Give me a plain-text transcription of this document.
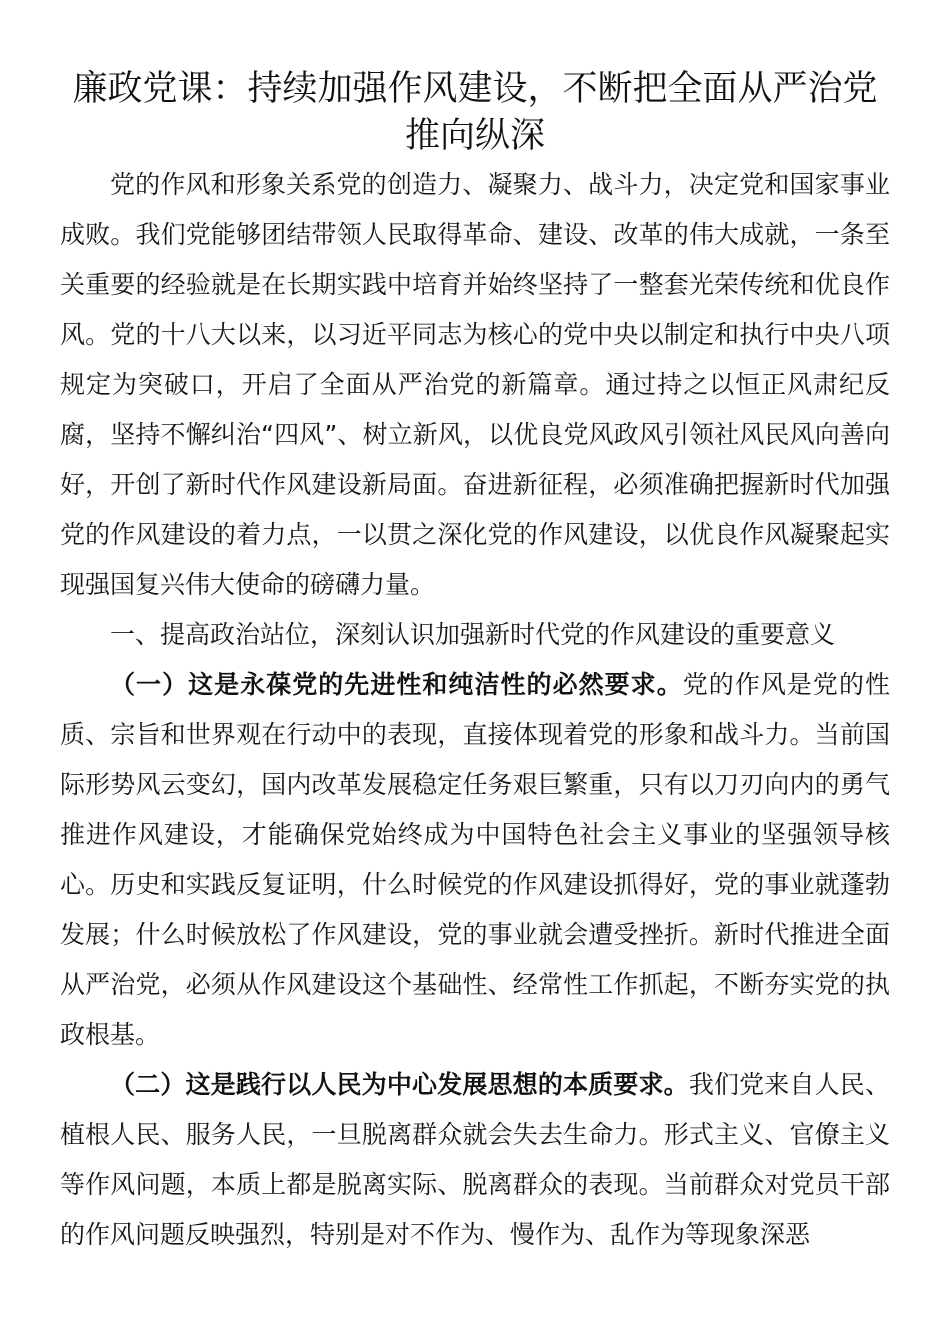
廉政党课：持续加强作风建设，不断把全面从严治党推向纵深

党的作风和形象关系党的创造力、凝聚力、战斗力，决定党和国家事业成败。我们党能够团结带领人民取得革命、建设、改革的伟大成就，一条至关重要的经验就是在长期实践中培育并始终坚持了一整套光荣传统和优良作风。党的十八大以来，以习近平同志为核心的党中央以制定和执行中央八项规定为突破口，开启了全面从严治党的新篇章。通过持之以恒正风肃纪反腐，坚持不懈纠治“四风”、树立新风，以优良党风政风引领社风民风向善向好，开创了新时代作风建设新局面。奋进新征程，必须准确把握新时代加强党的作风建设的着力点，一以贯之深化党的作风建设，以优良作风凝聚起实现强国复兴伟大使命的磅礴力量。

一、提高政治站位，深刻认识加强新时代党的作风建设的重要意义

（一）这是永葆党的先进性和纯洁性的必然要求。党的作风是党的性质、宗旨和世界观在行动中的表现，直接体现着党的形象和战斗力。当前国际形势风云变幻，国内改革发展稳定任务艰巨繁重，只有以刀刃向内的勇气推进作风建设，才能确保党始终成为中国特色社会主义事业的坚强领导核心。历史和实践反复证明，什么时候党的作风建设抓得好，党的事业就蓬勃发展；什么时候放松了作风建设，党的事业就会遭受挫折。新时代推进全面从严治党，必须从作风建设这个基础性、经常性工作抓起，不断夯实党的执政根基。

（二）这是践行以人民为中心发展思想的本质要求。我们党来自人民、植根人民、服务人民，一旦脱离群众就会失去生命力。形式主义、官僚主义等作风问题，本质上都是脱离实际、脱离群众的表现。当前群众对党员干部的作风问题反映强烈，特别是对不作为、慢作为、乱作为等现象深恶
